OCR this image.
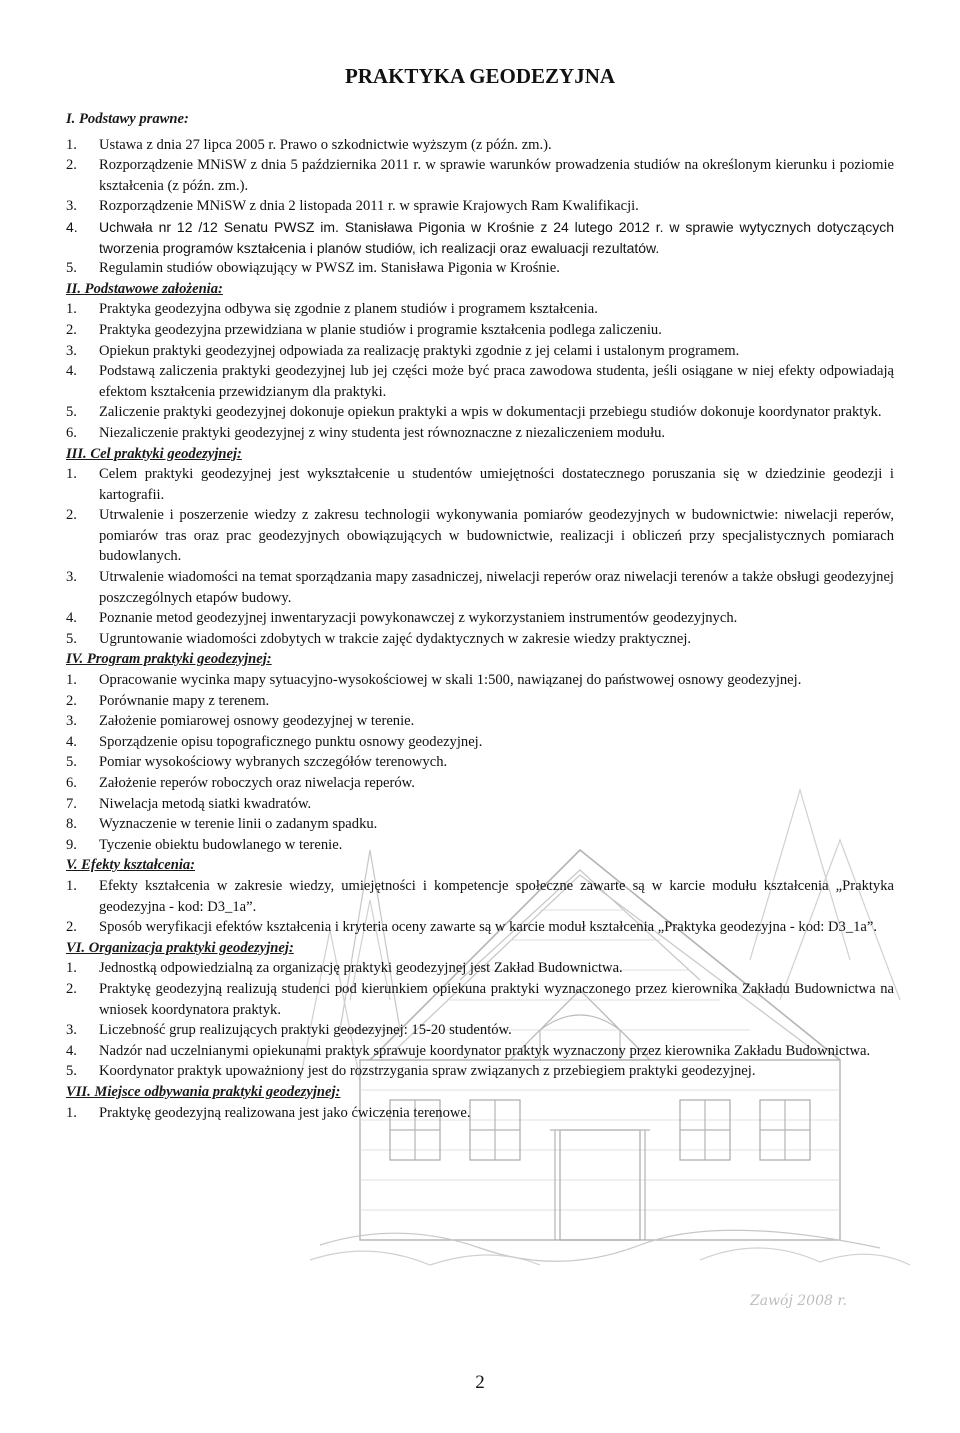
Zawój 2008 r.
PRAKTYKA GEODEZYJNA
I. Podstawy prawne:
1. Ustawa z dnia 27 lipca 2005 r. Prawo o szkodnictwie wyższym (z późn. zm.).
2. Rozporządzenie MNiSW z dnia 5 października 2011 r. w sprawie warunków prowadzenia studiów na określonym kierunku i poziomie kształcenia (z późn. zm.).
3. Rozporządzenie MNiSW z dnia 2 listopada 2011 r. w sprawie Krajowych Ram Kwalifikacji.
4. Uchwała nr 12 /12 Senatu PWSZ im. Stanisława Pigonia w Krośnie z 24 lutego 2012 r. w sprawie wytycznych dotyczących tworzenia programów kształcenia i planów studiów, ich realizacji oraz ewaluacji rezultatów.
5. Regulamin studiów obowiązujący w PWSZ im. Stanisława Pigonia w Krośnie.
II. Podstawowe założenia:
1. Praktyka geodezyjna odbywa się zgodnie z planem studiów i programem kształcenia.
2. Praktyka geodezyjna przewidziana w planie studiów i programie kształcenia podlega zaliczeniu.
3. Opiekun praktyki geodezyjnej odpowiada za realizację praktyki zgodnie z jej celami i ustalonym programem.
4. Podstawą zaliczenia praktyki geodezyjnej lub jej części może być praca zawodowa studenta, jeśli osiągane w niej efekty odpowiadają efektom kształcenia przewidzianym dla praktyki.
5. Zaliczenie praktyki geodezyjnej dokonuje opiekun praktyki a wpis w dokumentacji przebiegu studiów dokonuje koordynator praktyk.
6. Niezaliczenie praktyki geodezyjnej z winy studenta jest równoznaczne z niezaliczeniem modułu.
III. Cel praktyki geodezyjnej:
1. Celem praktyki geodezyjnej jest wykształcenie u studentów umiejętności dostatecznego poruszania się w dziedzinie geodezji i kartografii.
2. Utrwalenie i poszerzenie wiedzy z zakresu technologii wykonywania pomiarów geodezyjnych w budownictwie: niwelacji reperów, pomiarów tras oraz prac geodezyjnych obowiązujących w budownictwie, realizacji i obliczeń przy specjalistycznych pomiarach budowlanych.
3. Utrwalenie wiadomości na temat sporządzania mapy zasadniczej, niwelacji reperów oraz niwelacji terenów a także obsługi geodezyjnej poszczególnych etapów budowy.
4. Poznanie metod geodezyjnej inwentaryzacji powykonawczej z wykorzystaniem instrumentów geodezyjnych.
5. Ugruntowanie wiadomości zdobytych w trakcie zajęć dydaktycznych w zakresie wiedzy praktycznej.
IV. Program praktyki geodezyjnej:
1. Opracowanie wycinka mapy sytuacyjno-wysokościowej w skali 1:500, nawiązanej do państwowej osnowy geodezyjnej.
2. Porównanie mapy z terenem.
3. Założenie pomiarowej osnowy geodezyjnej w terenie.
4. Sporządzenie opisu topograficznego punktu osnowy geodezyjnej.
5. Pomiar wysokościowy wybranych szczegółów terenowych.
6. Założenie reperów roboczych oraz niwelacja reperów.
7. Niwelacja metodą siatki kwadratów.
8. Wyznaczenie w terenie linii o zadanym spadku.
9. Tyczenie obiektu budowlanego w terenie.
V. Efekty kształcenia:
1. Efekty kształcenia w zakresie wiedzy, umiejętności i kompetencje społeczne zawarte są w karcie modułu kształcenia „Praktyka geodezyjna - kod: D3_1a”.
2. Sposób weryfikacji efektów kształcenia i kryteria oceny zawarte są w karcie moduł kształcenia „Praktyka geodezyjna - kod: D3_1a”.
VI. Organizacja praktyki geodezyjnej:
1. Jednostką odpowiedzialną za organizację praktyki geodezyjnej jest Zakład Budownictwa.
2. Praktykę geodezyjną realizują studenci pod kierunkiem opiekuna praktyki wyznaczonego przez kierownika Zakładu Budownictwa na wniosek koordynatora praktyk.
3. Liczebność grup realizujących praktyki geodezyjnej: 15-20 studentów.
4. Nadzór nad uczelnianymi opiekunami praktyk sprawuje koordynator praktyk wyznaczony przez kierownika Zakładu Budownictwa.
5. Koordynator praktyk upoważniony jest do rozstrzygania spraw związanych z przebiegiem praktyki geodezyjnej.
VII. Miejsce odbywania praktyki geodezyjnej:
1. Praktykę geodezyjną realizowana jest jako ćwiczenia terenowe.
2
